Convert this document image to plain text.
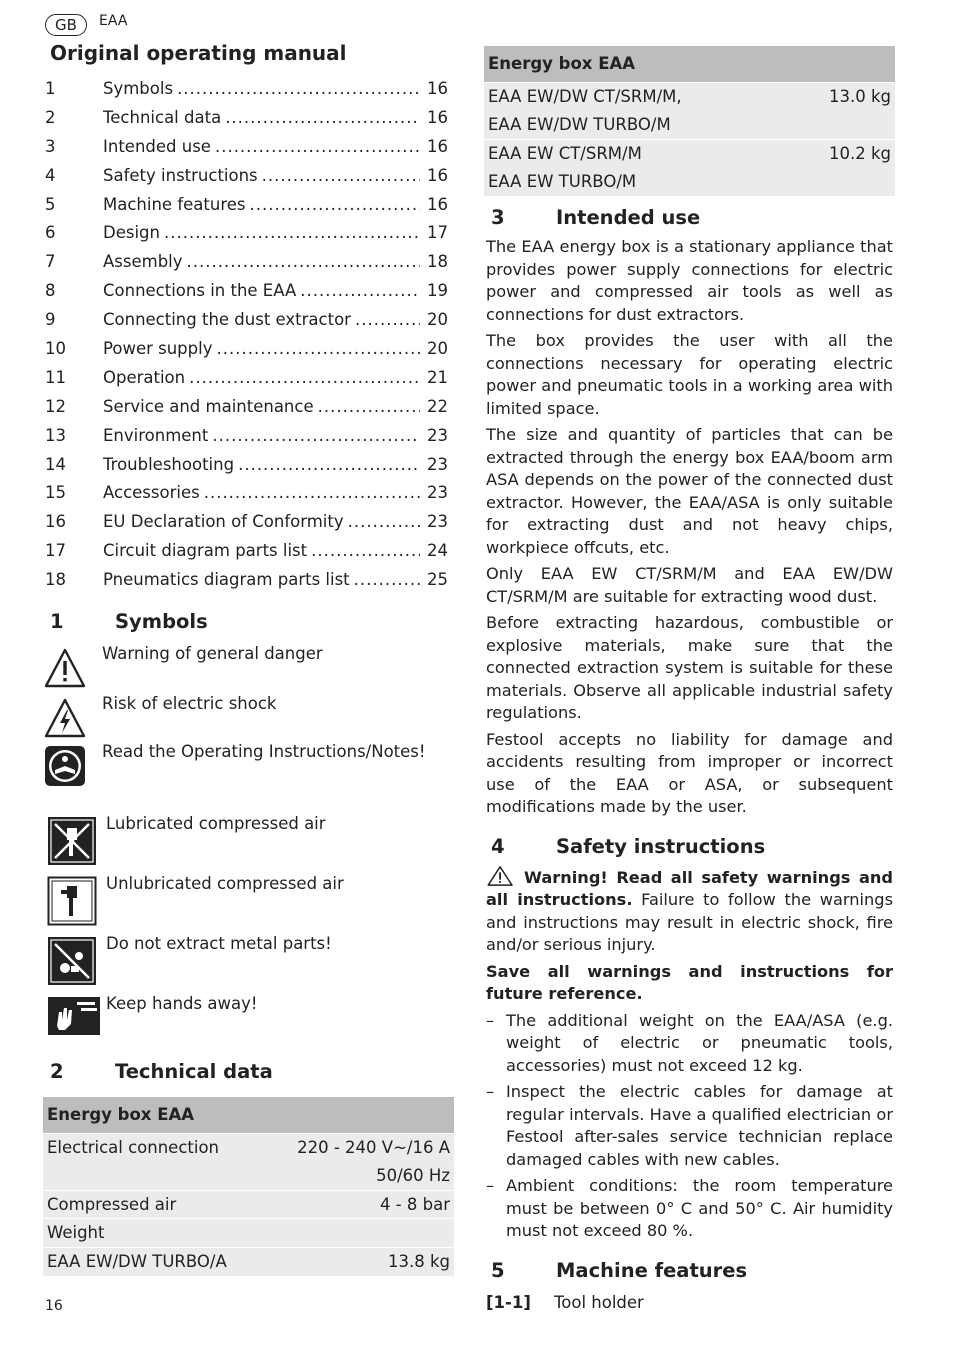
GB	EAA
Original operating manual
1	Symbols .....	16
2	Technical data .....	16
3	Intended use .....	16
4	Safety instructions .....	16
5	Machine features .....	16
6	Design .....	17
7	Assembly .....	18
8	Connections in the EAA .....	19
9	Connecting the dust extractor .....	20
10	Power supply .....	20
11	Operation .....	21
12	Service and maintenance .....	22
13	Environment .....	23
14	Troubleshooting .....	23
15	Accessories .....	23
16	EU Declaration of Conformity .....	23
17	Circuit diagram parts list .....	24
18	Pneumatics diagram parts list .....	25
1	Symbols
Warning of general danger
Risk of electric shock
Read the Operating Instructions/Notes!
Lubricated compressed air
Unlubricated compressed air
Do not extract metal parts!
Keep hands away!
2	Technical data
Energy box EAA	
Electrical connection	220 - 240 V~/16 A
	50/60 Hz
Compressed air	4 - 8 bar
Weight	
EAA EW/DW TURBO/A	13.8 kg
Energy box EAA	
EAA EW/DW CT/SRM/M,	13.0 kg
EAA EW/DW TURBO/M	
EAA EW CT/SRM/M	10.2 kg
EAA EW TURBO/M	
3	Intended use

The EAA energy box is a stationary appliance that provides power supply connections for electric power and compressed air tools as well as connections for dust extractors.

The box provides the user with all the connections necessary for operating electric power and pneumatic tools in a working area with limited space.

The size and quantity of particles that can be extracted through the energy box EAA/boom arm ASA depends on the power of the connected dust extractor. However, the EAA/ASA is only suitable for extracting dust and not heavy chips, workpiece offcuts, etc.

Only EAA EW CT/SRM/M and EAA EW/DW CT/SRM/M are suitable for extracting wood dust.

Before extracting hazardous, combustible or explosive materials, make sure that the connected extraction system is suitable for these materials. Observe all applicable industrial safety regulations.

Festool accepts no liability for damage and accidents resulting from improper or incorrect use of the EAA or ASA, or subsequent modifications made by the user.

4	Safety instructions

Warning! Read all safety warnings and all instructions. Failure to follow the warnings and instructions may result in electric shock, fire and/or serious injury.

Save all warnings and instructions for future reference.

– The additional weight on the EAA/ASA (e.g. weight of electric or pneumatic tools, accessories) must not exceed 12 kg.
– Inspect the electric cables for damage at regular intervals. Have a qualified electrician or Festool after-sales service technician replace damaged cables with new cables.
– Ambient conditions: the room temperature must be between 0° C and 50° C. Air humidity must not exceed 80 %.
5	Machine features
[1-1]	Tool holder
16
